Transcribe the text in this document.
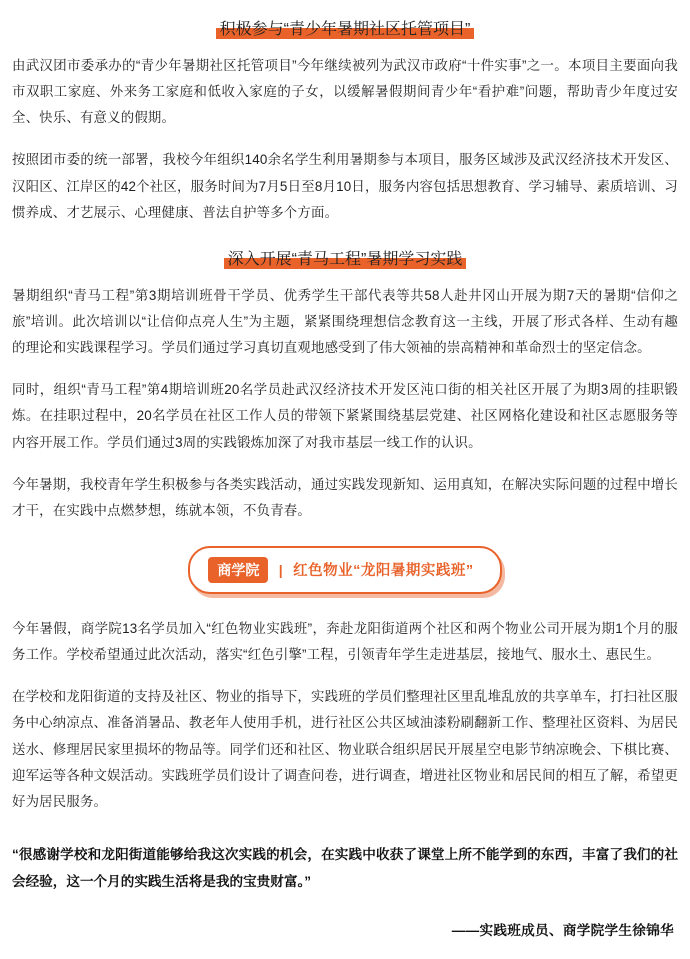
积极参与“青少年暑期社区托管项目”

由武汉团市委承办的“青少年暑期社区托管项目”今年继续被列为武汉市政府“十件实事”之一。本项目主要面向我市双职工家庭、外来务工家庭和低收入家庭的子女，以缓解暑假期间青少年“看护难”问题，帮助青少年度过安全、快乐、有意义的假期。

按照团市委的统一部署，我校今年组织140余名学生利用暑期参与本项目，服务区域涉及武汉经济技术开发区、汉阳区、江岸区的42个社区，服务时间为7月5日至8月10日，服务内容包括思想教育、学习辅导、素质培训、习惯养成、才艺展示、心理健康、普法自护等多个方面。

深入开展“青马工程”暑期学习实践

暑期组织“青马工程”第3期培训班骨干学员、优秀学生干部代表等共58人赴井冈山开展为期7天的暑期“信仰之旅”培训。此次培训以“让信仰点亮人生”为主题，紧紧围绕理想信念教育这一主线，开展了形式各样、生动有趣的理论和实践课程学习。学员们通过学习真切直观地感受到了伟大领袖的崇高精神和革命烈士的坚定信念。

同时，组织“青马工程”第4期培训班20名学员赴武汉经济技术开发区沌口街的相关社区开展了为期3周的挂职锻炼。在挂职过程中，20名学员在社区工作人员的带领下紧紧围绕基层党建、社区网格化建设和社区志愿服务等内容开展工作。学员们通过3周的实践锻炼加深了对我市基层一线工作的认识。

今年暑期，我校青年学生积极参与各类实践活动，通过实践发现新知、运用真知，在解决实际问题的过程中增长才干，在实践中点燃梦想，练就本领，不负青春。

商学院 | 红色物业“龙阳暑期实践班”

今年暑假，商学院13名学员加入“红色物业实践班”，奔赴龙阳街道两个社区和两个物业公司开展为期1个月的服务工作。学校希望通过此次活动，落实“红色引擎”工程，引领青年学生走进基层，接地气、服水土、惠民生。

在学校和龙阳街道的支持及社区、物业的指导下，实践班的学员们整理社区里乱堆乱放的共享单车，打扫社区服务中心纳凉点、准备消暑品、教老年人使用手机，进行社区公共区域油漆粉刷翻新工作、整理社区资料、为居民送水、修理居民家里损坏的物品等。同学们还和社区、物业联合组织居民开展星空电影节纳凉晚会、下棋比赛、迎军运等各种文娱活动。实践班学员们设计了调查问卷，进行调查，增进社区物业和居民间的相互了解，希望更好为居民服务。

“很感谢学校和龙阳街道能够给我这次实践的机会，在实践中收获了课堂上所不能学到的东西，丰富了我们的社会经验，这一个月的实践生活将是我的宝贵财富。”

——实践班成员、商学院学生徐锦华
